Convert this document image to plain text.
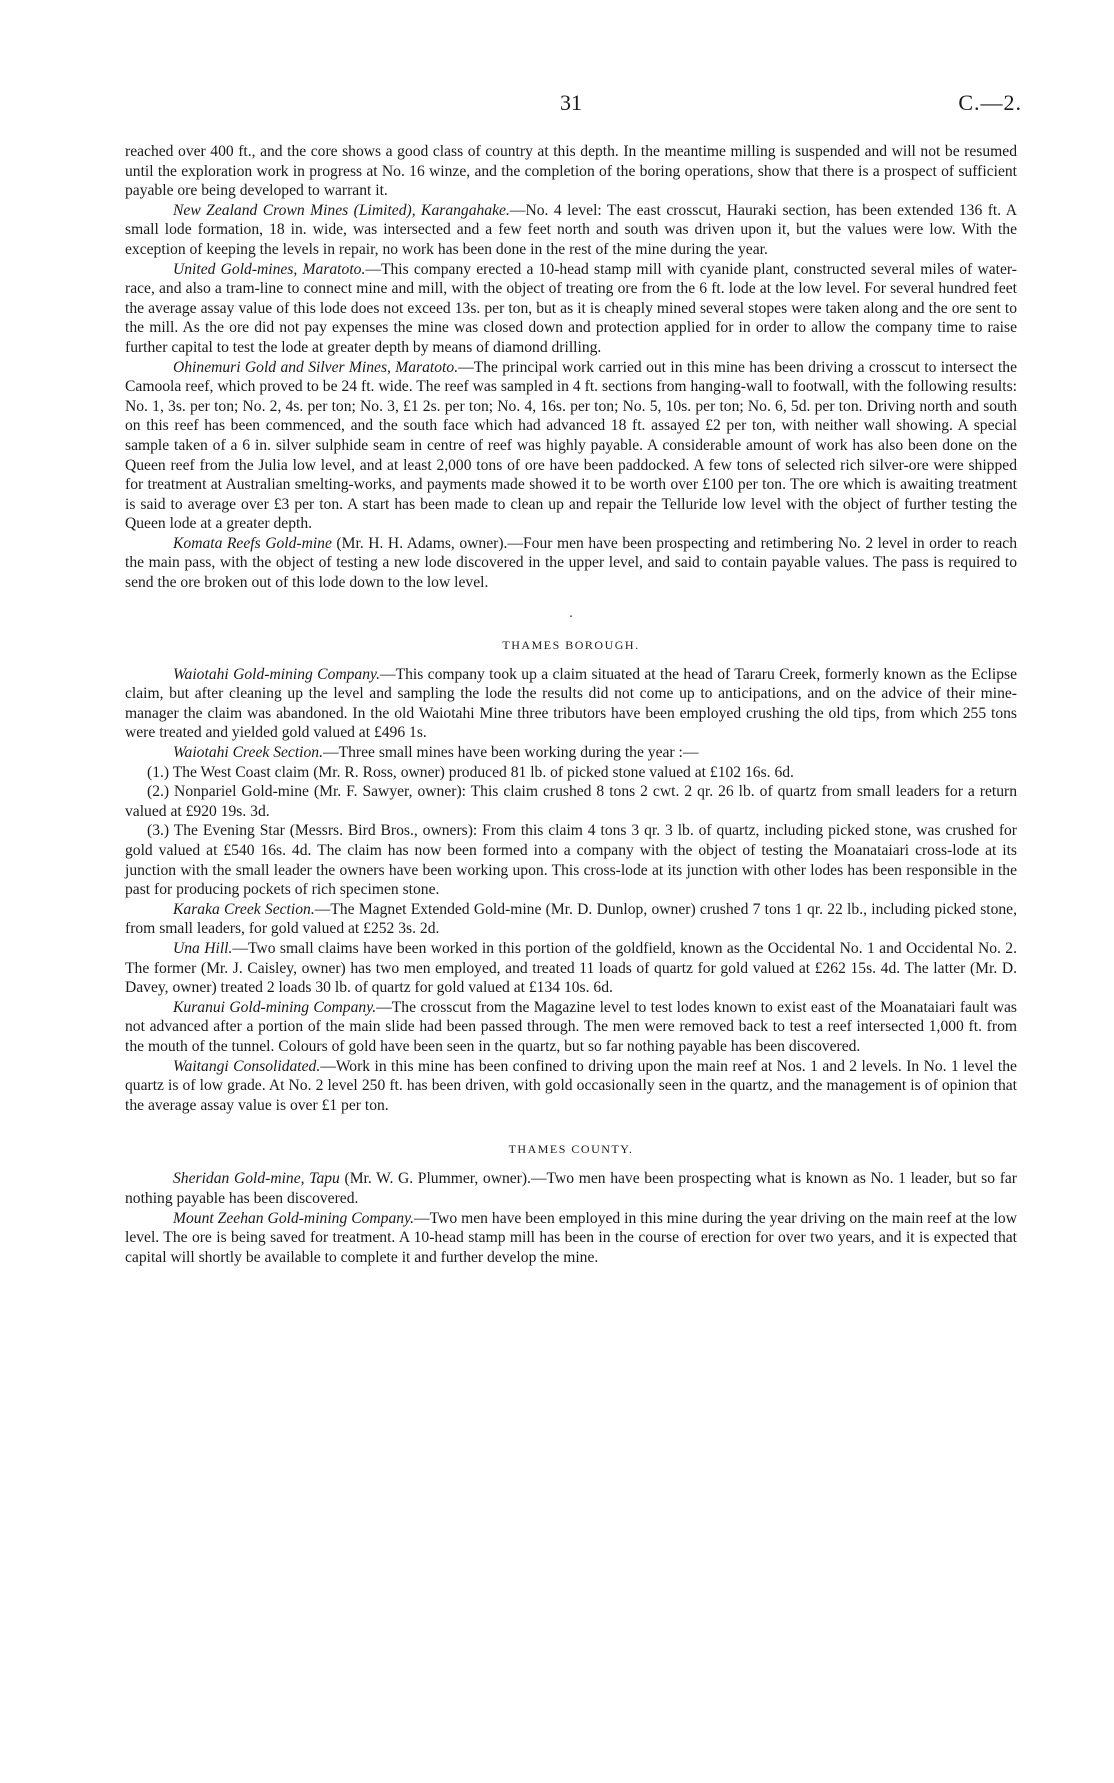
31	C.—2.

reached over 400 ft., and the core shows a good class of country at this depth. In the meantime milling is suspended and will not be resumed until the exploration work in progress at No. 16 winze, and the completion of the boring operations, show that there is a prospect of sufficient payable ore being developed to warrant it.

New Zealand Crown Mines (Limited), Karangahake.—No. 4 level: The east crosscut, Hauraki section, has been extended 136 ft. A small lode formation, 18 in. wide, was intersected and a few feet north and south was driven upon it, but the values were low. With the exception of keeping the levels in repair, no work has been done in the rest of the mine during the year.

United Gold-mines, Maratoto.—This company erected a 10-head stamp mill with cyanide plant, constructed several miles of water-race, and also a tram-line to connect mine and mill, with the object of treating ore from the 6 ft. lode at the low level. For several hundred feet the average assay value of this lode does not exceed 13s. per ton, but as it is cheaply mined several stopes were taken along and the ore sent to the mill. As the ore did not pay expenses the mine was closed down and protection applied for in order to allow the company time to raise further capital to test the lode at greater depth by means of diamond drilling.

Ohinemuri Gold and Silver Mines, Maratoto.—The principal work carried out in this mine has been driving a crosscut to intersect the Camoola reef, which proved to be 24 ft. wide. The reef was sampled in 4 ft. sections from hanging-wall to footwall, with the following results: No. 1, 3s. per ton; No. 2, 4s. per ton; No. 3, £1 2s. per ton; No. 4, 16s. per ton; No. 5, 10s. per ton; No. 6, 5d. per ton. Driving north and south on this reef has been commenced, and the south face which had advanced 18 ft. assayed £2 per ton, with neither wall showing. A special sample taken of a 6 in. silver sulphide seam in centre of reef was highly payable. A considerable amount of work has also been done on the Queen reef from the Julia low level, and at least 2,000 tons of ore have been paddocked. A few tons of selected rich silver-ore were shipped for treatment at Australian smelting-works, and payments made showed it to be worth over £100 per ton. The ore which is awaiting treatment is said to average over £3 per ton. A start has been made to clean up and repair the Telluride low level with the object of further testing the Queen lode at a greater depth.

Komata Reefs Gold-mine (Mr. H. H. Adams, owner).—Four men have been prospecting and retimbering No. 2 level in order to reach the main pass, with the object of testing a new lode discovered in the upper level, and said to contain payable values. The pass is required to send the ore broken out of this lode down to the low level.

·
THAMES BOROUGH.

Waiotahi Gold-mining Company.—This company took up a claim situated at the head of Tararu Creek, formerly known as the Eclipse claim, but after cleaning up the level and sampling the lode the results did not come up to anticipations, and on the advice of their mine-manager the claim was abandoned. In the old Waiotahi Mine three tributors have been employed crushing the old tips, from which 255 tons were treated and yielded gold valued at £496 1s.

Waiotahi Creek Section.—Three small mines have been working during the year :—

(1.) The West Coast claim (Mr. R. Ross, owner) produced 81 lb. of picked stone valued at £102 16s. 6d.

(2.) Nonpariel Gold-mine (Mr. F. Sawyer, owner): This claim crushed 8 tons 2 cwt. 2 qr. 26 lb. of quartz from small leaders for a return valued at £920 19s. 3d.

(3.) The Evening Star (Messrs. Bird Bros., owners): From this claim 4 tons 3 qr. 3 lb. of quartz, including picked stone, was crushed for gold valued at £540 16s. 4d. The claim has now been formed into a company with the object of testing the Moanataiari cross-lode at its junction with the small leader the owners have been working upon. This cross-lode at its junction with other lodes has been responsible in the past for producing pockets of rich specimen stone.

Karaka Creek Section.—The Magnet Extended Gold-mine (Mr. D. Dunlop, owner) crushed 7 tons 1 qr. 22 lb., including picked stone, from small leaders, for gold valued at £252 3s. 2d.

Una Hill.—Two small claims have been worked in this portion of the goldfield, known as the Occidental No. 1 and Occidental No. 2. The former (Mr. J. Caisley, owner) has two men employed, and treated 11 loads of quartz for gold valued at £262 15s. 4d. The latter (Mr. D. Davey, owner) treated 2 loads 30 lb. of quartz for gold valued at £134 10s. 6d.

Kuranui Gold-mining Company.—The crosscut from the Magazine level to test lodes known to exist east of the Moanataiari fault was not advanced after a portion of the main slide had been passed through. The men were removed back to test a reef intersected 1,000 ft. from the mouth of the tunnel. Colours of gold have been seen in the quartz, but so far nothing payable has been discovered.

Waitangi Consolidated.—Work in this mine has been confined to driving upon the main reef at Nos. 1 and 2 levels. In No. 1 level the quartz is of low grade. At No. 2 level 250 ft. has been driven, with gold occasionally seen in the quartz, and the management is of opinion that the average assay value is over £1 per ton.

THAMES COUNTY.

Sheridan Gold-mine, Tapu (Mr. W. G. Plummer, owner).—Two men have been prospecting what is known as No. 1 leader, but so far nothing payable has been discovered.

Mount Zeehan Gold-mining Company.—Two men have been employed in this mine during the year driving on the main reef at the low level. The ore is being saved for treatment. A 10-head stamp mill has been in the course of erection for over two years, and it is expected that capital will shortly be available to complete it and further develop the mine.
